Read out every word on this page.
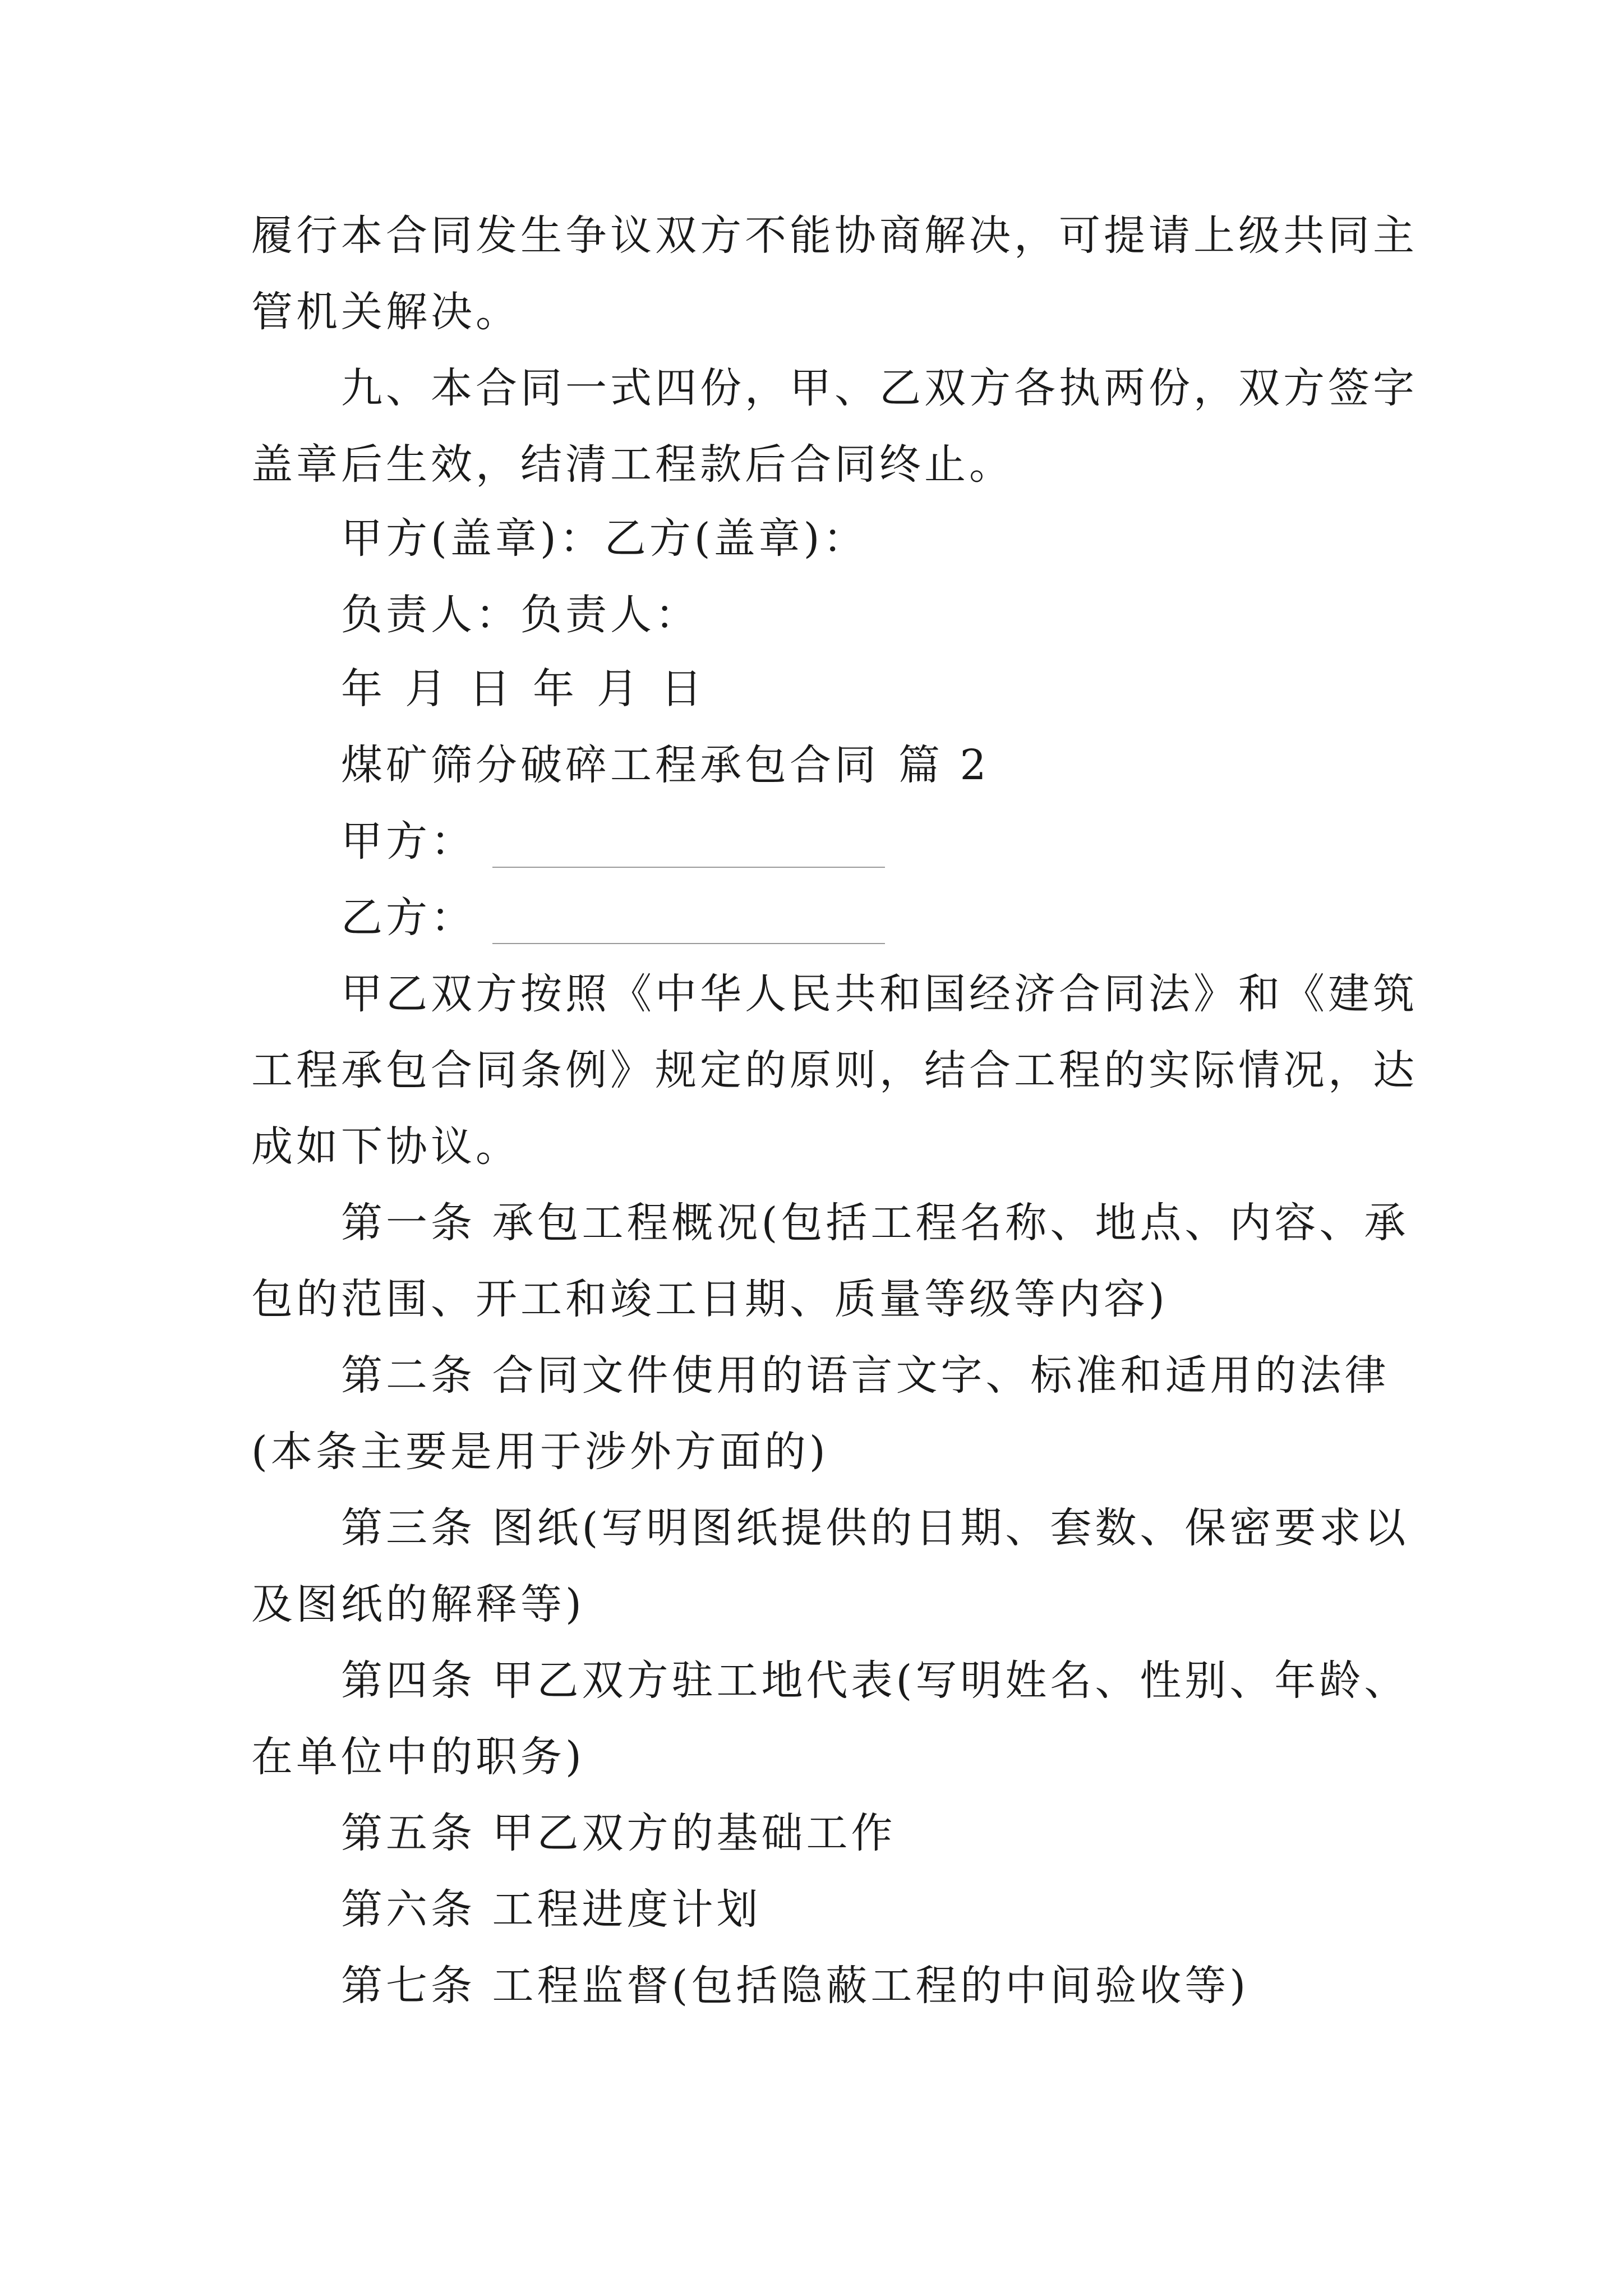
履行本合同发生争议双方不能协商解决，可提请上级共同主
管机关解决。
九、本合同一式四份，甲、乙双方各执两份，双方签字
盖章后生效，结清工程款后合同终止。
甲方(盖章)：乙方(盖章)：
负责人：负责人：
年 月 日 年 月 日
煤矿筛分破碎工程承包合同 篇 2
甲方：
乙方：
甲乙双方按照《中华人民共和国经济合同法》和《建筑
工程承包合同条例》规定的原则，结合工程的实际情况，达
成如下协议。
第一条 承包工程概况(包括工程名称、地点、内容、承
包的范围、开工和竣工日期、质量等级等内容)
第二条 合同文件使用的语言文字、标准和适用的法律
(本条主要是用于涉外方面的)
第三条 图纸(写明图纸提供的日期、套数、保密要求以
及图纸的解释等)
第四条 甲乙双方驻工地代表(写明姓名、性别、年龄、
在单位中的职务)
第五条 甲乙双方的基础工作
第六条 工程进度计划
第七条 工程监督(包括隐蔽工程的中间验收等)
